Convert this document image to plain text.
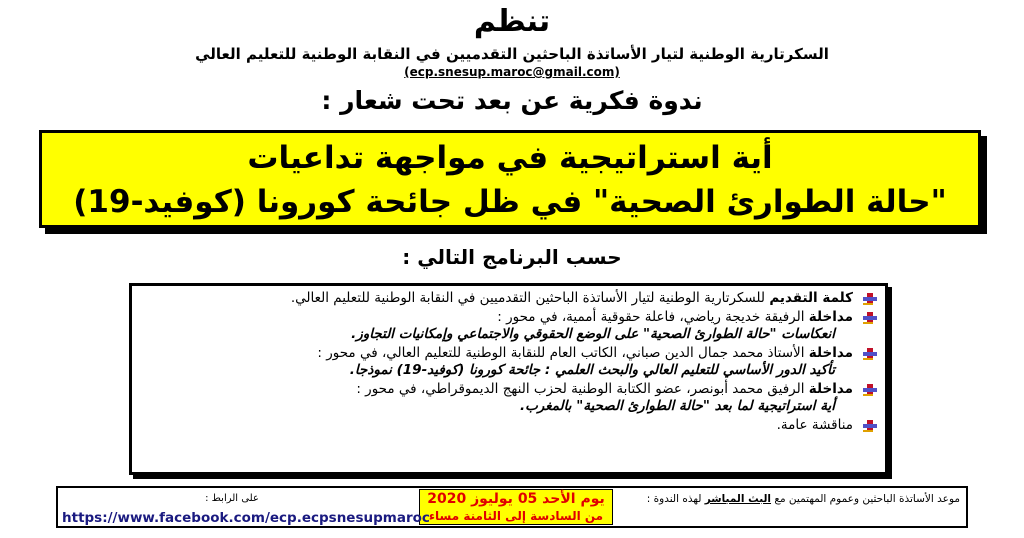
تنظم
السكرتارية الوطنية لتيار الأساتذة الباحثين التقدميين في النقابة الوطنية للتعليم العالي
(ecp.snesup.maroc@gmail.com)
ندوة فكرية عن بعد تحت شعار :
أية استراتيجية في مواجهة تداعيات
"حالة الطوارئ الصحية" في ظل جائحة كورونا (كوفيد-19)
حسب البرنامج التالي :
كلمة التقديم للسكرتارية الوطنية لتيار الأساتذة الباحثين التقدميين في النقابة الوطنية للتعليم العالي.
مداخلة الرفيقة خديجة رياضي، فاعلة حقوقية أممية، في محور :
انعكاسات "حالة الطوارئ الصحية" على الوضع الحقوقي والاجتماعي وإمكانيات التجاوز.
مداخلة الأستاذ محمد جمال الدين صباني، الكاتب العام للنقابة الوطنية للتعليم العالي، في محور :
تأكيد الدور الأساسي للتعليم العالي والبحث العلمي : جائحة كورونا (كوفيد-19) نموذجا.
مداخلة الرفيق محمد أبونصر، عضو الكتابة الوطنية لحزب النهج الديموقراطي، في محور :
أية استراتيجية لما بعد "حالة الطوارئ الصحية" بالمغرب.
مناقشة عامة.
موعد الأساتذة الباحثين وعموم المهتمين مع البث المباشر لهذه الندوة :
يوم الأحد 05 يوليوز 2020
من السادسة إلى الثامنة مساء
على الرابط :
https://www.facebook.com/ecp.ecpsnesupmaroc
